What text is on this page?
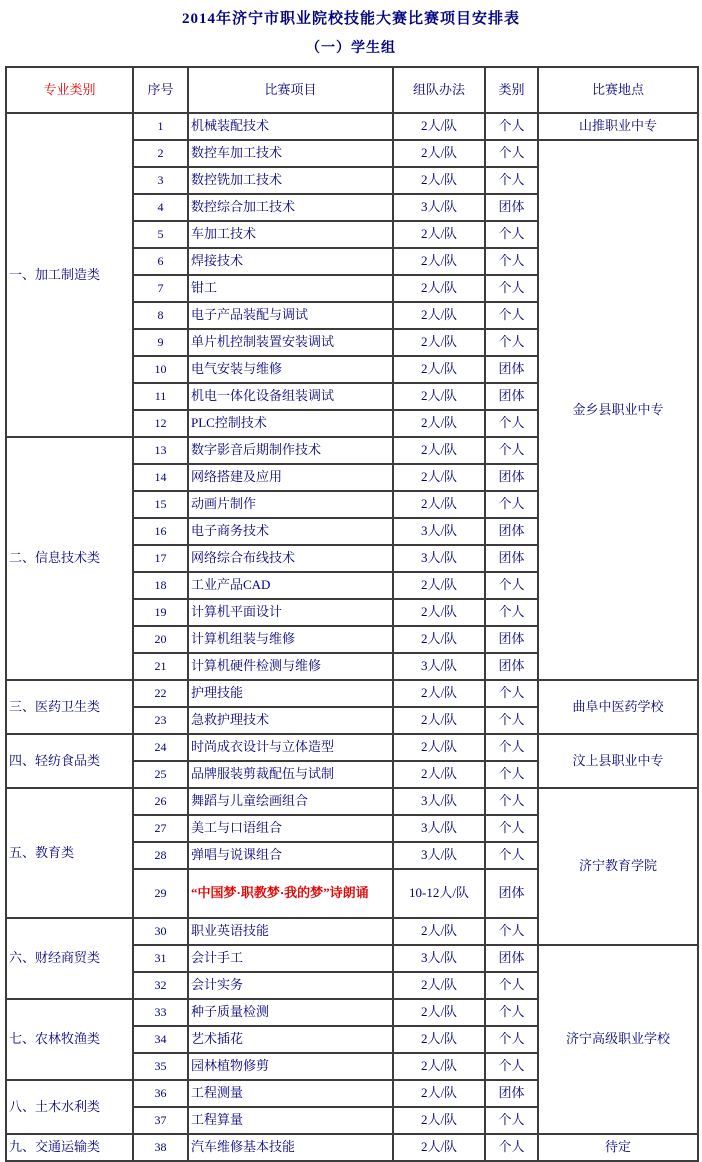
2014年济宁市职业院校技能大赛比赛项目安排表
（一）学生组
专业类别	序号	比赛项目	组队办法	类别	比赛地点
一、加工制造类	1	机械装配技术	2人/队	个人	山推职业中专
	2	数控车加工技术	2人/队	个人	金乡县职业中专
	3	数控铣加工技术	2人/队	个人	
	4	数控综合加工技术	3人/队	团体	
	5	车加工技术	2人/队	个人	
	6	焊接技术	2人/队	个人	
	7	钳工	2人/队	个人	
	8	电子产品装配与调试	2人/队	个人	
	9	单片机控制装置安装调试	2人/队	个人	
	10	电气安装与维修	2人/队	团体	
	11	机电一体化设备组装调试	2人/队	团体	
	12	PLC控制技术	2人/队	个人	
二、信息技术类	13	数字影音后期制作技术	2人/队	个人	
	14	网络搭建及应用	2人/队	团体	
	15	动画片制作	2人/队	个人	
	16	电子商务技术	3人/队	团体	
	17	网络综合布线技术	3人/队	团体	
	18	工业产品CAD	2人/队	个人	
	19	计算机平面设计	2人/队	个人	
	20	计算机组装与维修	2人/队	团体	
	21	计算机硬件检测与维修	3人/队	团体	
三、医药卫生类	22	护理技能	2人/队	个人	曲阜中医药学校
	23	急救护理技术	2人/队	个人	
四、轻纺食品类	24	时尚成衣设计与立体造型	2人/队	个人	汶上县职业中专
	25	品牌服装剪裁配伍与试制	2人/队	个人	
五、教育类	26	舞蹈与儿童绘画组合	3人/队	个人	济宁教育学院
	27	美工与口语组合	3人/队	个人	
	28	弹唱与说课组合	3人/队	个人	
	29	“中国梦·职教梦·我的梦”诗朗诵	10-12人/队	团体	
六、财经商贸类	30	职业英语技能	2人/队	个人	
	31	会计手工	3人/队	团体	济宁高级职业学校
	32	会计实务	2人/队	个人	
七、农林牧渔类	33	种子质量检测	2人/队	个人	
	34	艺术插花	2人/队	个人	
	35	园林植物修剪	2人/队	个人	
八、土木水利类	36	工程测量	2人/队	团体	
	37	工程算量	2人/队	个人	
九、交通运输类	38	汽车维修基本技能	2人/队	个人	待定
